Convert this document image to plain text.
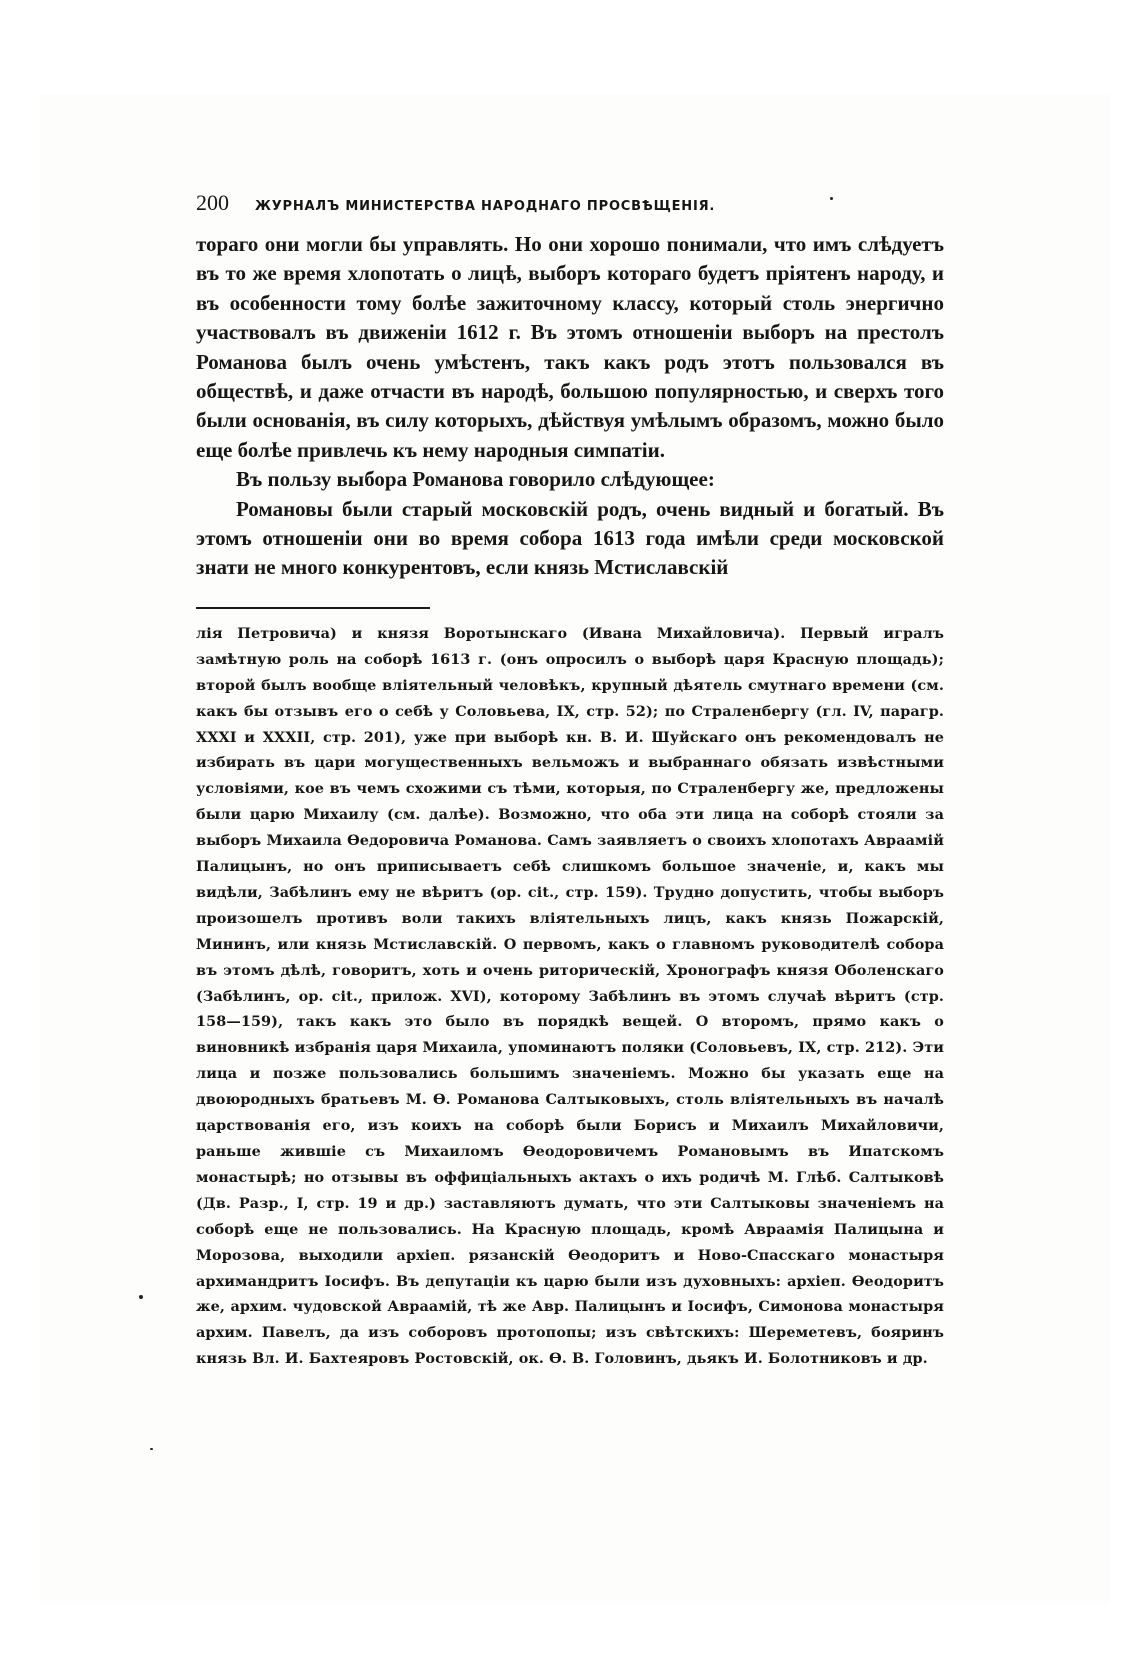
200 ЖУРНАЛЪ МИНИСТЕРСТВА НАРОДНАГО ПРОСВѢЩЕНІЯ.

тораго они могли бы управлять. Но они хорошо понимали, что имъ слѣдуетъ въ то же время хлопотать о лицѣ, выборъ котораго будетъ пріятенъ народу, и въ особенности тому болѣе зажиточному классу, который столь энергично участвовалъ въ движеніи 1612 г. Въ этомъ отношеніи выборъ на престолъ Романова былъ очень умѣстенъ, такъ какъ родъ этотъ пользовался въ обществѣ, и даже отчасти въ народѣ, большою популярностью, и сверхъ того были основанія, въ силу которыхъ, дѣйствуя умѣлымъ образомъ, можно было еще болѣе привлечь къ нему народныя симпатіи.

Въ пользу выбора Романова говорило слѣдующее:

Романовы были старый московскій родъ, очень видный и богатый. Въ этомъ отношеніи они во время собора 1613 года имѣли среди московской знати не много конкурентовъ, если князь Мстиславскій

лія Петровича) и князя Воротынскаго (Ивана Михайловича). Первый игралъ замѣтную роль на соборѣ 1613 г. (онъ опросилъ о выборѣ царя Красную площадь); второй былъ вообще вліятельный человѣкъ, крупный дѣятель смутнаго времени (см. какъ бы отзывъ его о себѣ у Соловьева, IX, стр. 52); по Страленбергу (гл. IV, парагр. XXXI и XXXII, стр. 201), уже при выборѣ кн. В. И. Шуйскаго онъ рекомендовалъ не избирать въ цари могущественныхъ вельможъ и выбраннаго обязать извѣстными условіями, кое въ чемъ схожими съ тѣми, которыя, по Страленбергу же, предложены были царю Михаилу (см. далѣе). Возможно, что оба эти лица на соборѣ стояли за выборъ Михаила Ѳедоровича Романова. Самъ заявляетъ о своихъ хлопотахъ Авраамій Палицынъ, но онъ приписываетъ себѣ слишкомъ большое значеніе, и, какъ мы видѣли, Забѣлинъ ему не вѣритъ (op. cit., стр. 159). Трудно допустить, чтобы выборъ произошелъ противъ воли такихъ вліятельныхъ лицъ, какъ князь Пожарскій, Мининъ, или князь Мстиславскій. О первомъ, какъ о главномъ руководителѣ собора въ этомъ дѣлѣ, говоритъ, хоть и очень риторическій, Хронографъ князя Оболенскаго (Забѣлинъ, op. cit., прилож. XVI), которому Забѣлинъ въ этомъ случаѣ вѣритъ (стр. 158—159), такъ какъ это было въ порядкѣ вещей. О второмъ, прямо какъ о виновникѣ избранія царя Михаила, упоминаютъ поляки (Соловьевъ, IX, стр. 212). Эти лица и позже пользовались большимъ значеніемъ. Можно бы указать еще на двоюродныхъ братьевъ М. Ѳ. Романова Салтыковыхъ, столь вліятельныхъ въ началѣ царствованія его, изъ коихъ на соборѣ были Борисъ и Михаилъ Михайловичи, раньше жившіе съ Михаиломъ Ѳеодоровичемъ Романовымъ въ Ипатскомъ монастырѣ; но отзывы въ оффиціальныхъ актахъ о ихъ родичѣ М. Глѣб. Салтыковѣ (Дв. Разр., I, стр. 19 и др.) заставляютъ думать, что эти Салтыковы значеніемъ на соборѣ еще не пользовались. На Красную площадь, кромѣ Авраамія Палицына и Морозова, выходили архіеп. рязанскій Ѳеодоритъ и Ново-Спасскаго монастыря архимандритъ Іосифъ. Въ депутаціи къ царю были изъ духовныхъ: архіеп. Ѳеодоритъ же, архим. чудовской Авраамій, тѣ же Авр. Палицынъ и Іосифъ, Симонова монастыря архим. Павелъ, да изъ соборовъ протопопы; изъ свѣтскихъ: Шереметевъ, бояринъ князь Вл. И. Бахтеяровъ Ростовскій, ок. Ѳ. В. Головинъ, дьякъ И. Болотниковъ и др.
